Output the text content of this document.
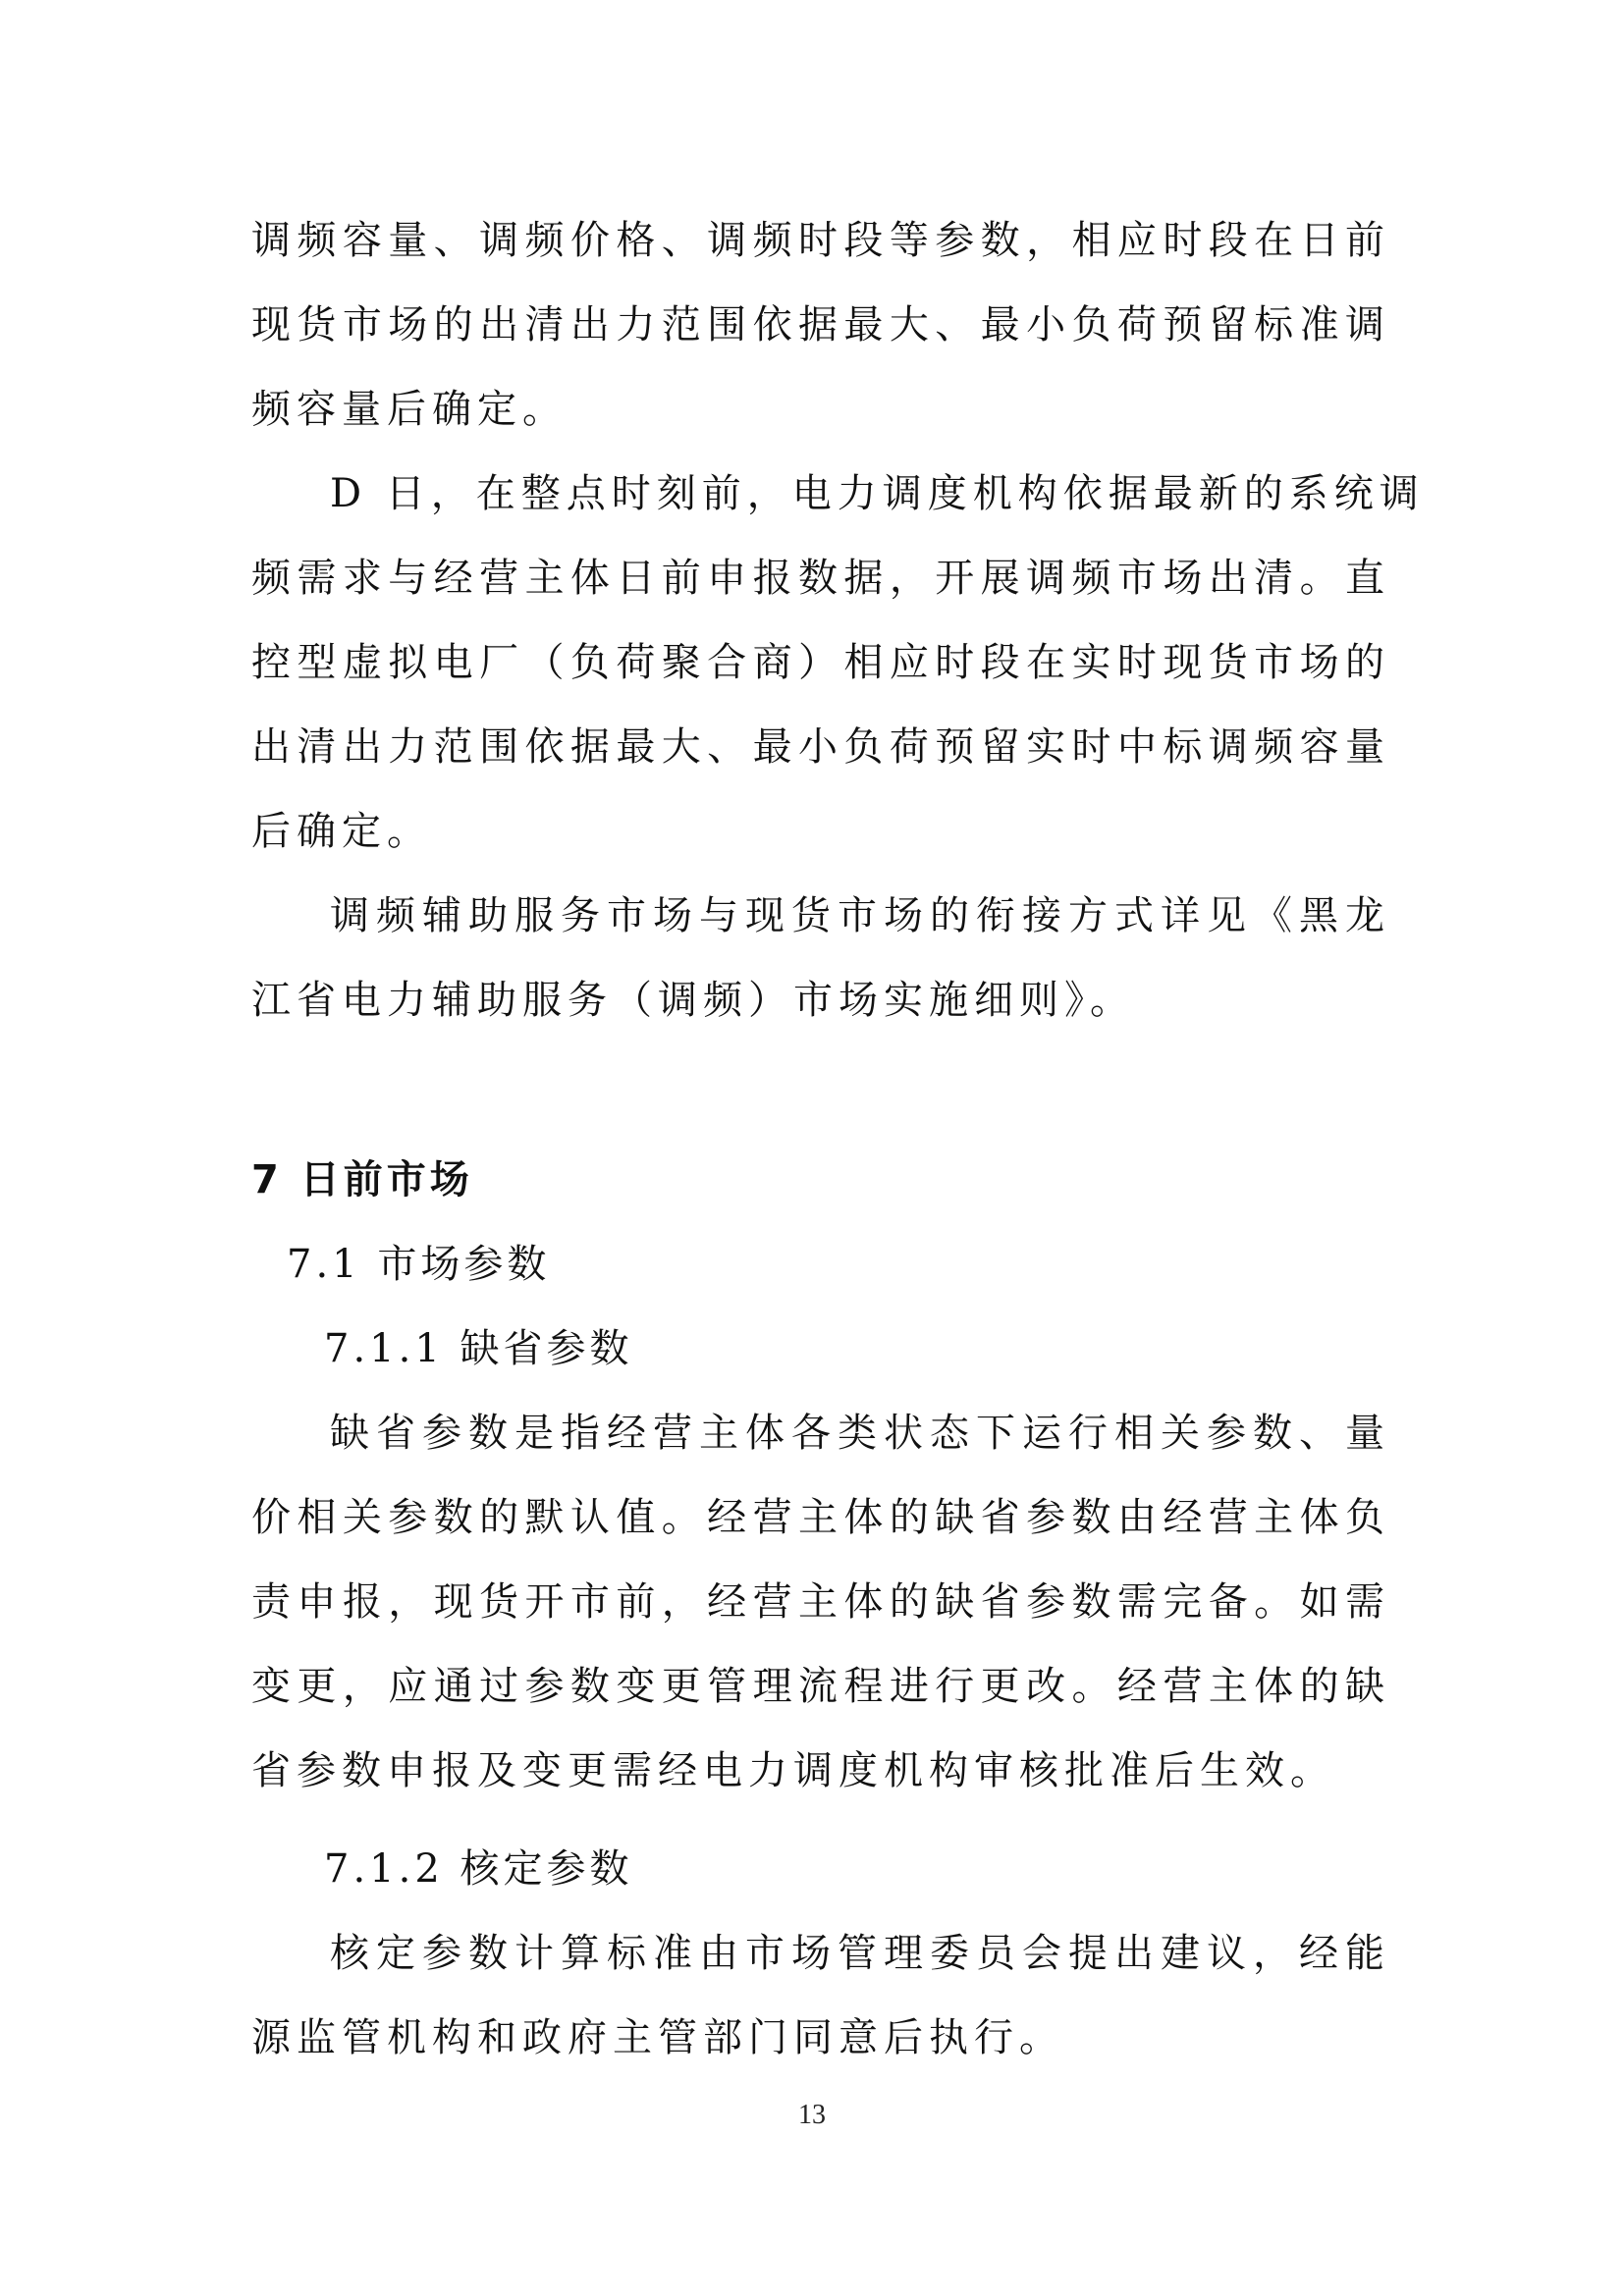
调频容量、调频价格、调频时段等参数，相应时段在日前
现货市场的出清出力范围依据最大、最小负荷预留标准调
频容量后确定。
D 日，在整点时刻前，电力调度机构依据最新的系统调
频需求与经营主体日前申报数据，开展调频市场出清。直
控型虚拟电厂（负荷聚合商）相应时段在实时现货市场的
出清出力范围依据最大、最小负荷预留实时中标调频容量
后确定。
调频辅助服务市场与现货市场的衔接方式详见《黑龙
江省电力辅助服务（调频）市场实施细则》。
7 日前市场
7.1 市场参数
7.1.1 缺省参数
缺省参数是指经营主体各类状态下运行相关参数、量
价相关参数的默认值。经营主体的缺省参数由经营主体负
责申报，现货开市前，经营主体的缺省参数需完备。如需
变更，应通过参数变更管理流程进行更改。经营主体的缺
省参数申报及变更需经电力调度机构审核批准后生效。
7.1.2 核定参数
核定参数计算标准由市场管理委员会提出建议，经能
源监管机构和政府主管部门同意后执行。
13
